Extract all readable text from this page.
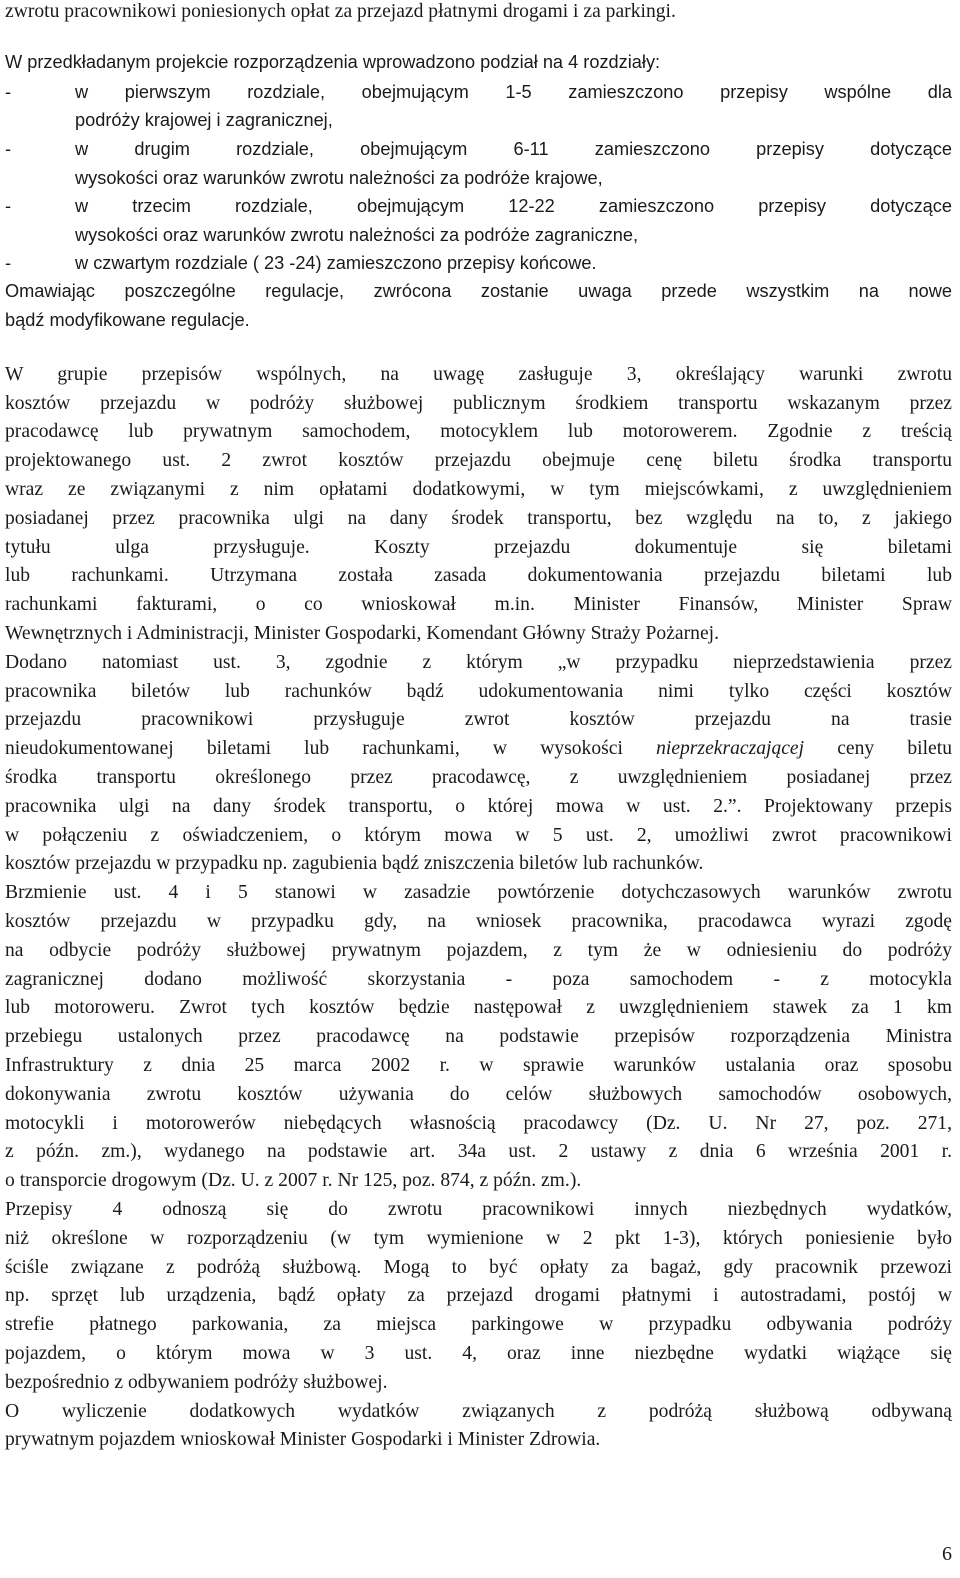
zwrotu pracownikowi poniesionych opłat za przejazd płatnymi drogami i za parkingi.
W przedkładanym projekcie rozporządzenia wprowadzono podział na 4 rozdziały:
-	w pierwszym rozdziale, obejmującym 1-5 zamieszczono przepisy wspólne dla
podróży krajowej i zagranicznej,
-	w drugim rozdziale, obejmującym 6-11 zamieszczono przepisy dotyczące
wysokości oraz warunków zwrotu należności za podróże krajowe,
-	w trzecim rozdziale, obejmującym 12-22 zamieszczono przepisy dotyczące
wysokości oraz warunków zwrotu należności za podróże zagraniczne,
-	w czwartym rozdziale ( 23 -24) zamieszczono przepisy końcowe.
Omawiając poszczególne regulacje, zwrócona zostanie uwaga przede wszystkim na nowe
bądź modyfikowane regulacje.
W grupie przepisów wspólnych, na uwagę zasługuje 3, określający warunki zwrotu
kosztów przejazdu w podróży służbowej publicznym środkiem transportu wskazanym przez
pracodawcę lub prywatnym samochodem, motocyklem lub motorowerem. Zgodnie z treścią
projektowanego ust. 2 zwrot kosztów przejazdu obejmuje cenę biletu środka transportu
wraz ze związanymi z nim opłatami dodatkowymi, w tym miejscówkami, z uwzględnieniem
posiadanej przez pracownika ulgi na dany środek transportu, bez względu na to, z jakiego
tytułu ulga przysługuje. Koszty przejazdu dokumentuje się biletami
lub rachunkami. Utrzymana została zasada dokumentowania przejazdu biletami lub
rachunkami fakturami, o co wnioskował m.in. Minister Finansów, Minister Spraw
Wewnętrznych i Administracji, Minister Gospodarki, Komendant Główny Straży Pożarnej.
Dodano natomiast ust. 3, zgodnie z którym „w przypadku nieprzedstawienia przez
pracownika biletów lub rachunków bądź udokumentowania nimi tylko części kosztów
przejazdu pracownikowi przysługuje zwrot kosztów przejazdu na trasie
nieudokumentowanej biletami lub rachunkami, w wysokości nieprzekraczającej ceny biletu
środka transportu określonego przez pracodawcę, z uwzględnieniem posiadanej przez
pracownika ulgi na dany środek transportu, o której mowa w ust. 2.”. Projektowany przepis
w połączeniu z oświadczeniem, o którym mowa w 5 ust. 2, umożliwi zwrot pracownikowi
kosztów przejazdu w przypadku np. zagubienia bądź zniszczenia biletów lub rachunków.
Brzmienie ust. 4 i 5 stanowi w zasadzie powtórzenie dotychczasowych warunków zwrotu
kosztów przejazdu w przypadku gdy, na wniosek pracownika, pracodawca wyrazi zgodę
na odbycie podróży służbowej prywatnym pojazdem, z tym że w odniesieniu do podróży
zagranicznej dodano możliwość skorzystania - poza samochodem - z motocykla
lub motoroweru. Zwrot tych kosztów będzie następował z uwzględnieniem stawek za 1 km
przebiegu ustalonych przez pracodawcę na podstawie przepisów rozporządzenia Ministra
Infrastruktury z dnia 25 marca 2002 r. w sprawie warunków ustalania oraz sposobu
dokonywania zwrotu kosztów używania do celów służbowych samochodów osobowych,
motocykli i motorowerów niebędących własnością pracodawcy (Dz. U. Nr 27, poz. 271,
z późn. zm.), wydanego na podstawie art. 34a ust. 2 ustawy z dnia 6 września 2001 r.
o transporcie drogowym (Dz. U. z 2007 r. Nr 125, poz. 874, z późn. zm.).
Przepisy 4 odnoszą się do zwrotu pracownikowi innych niezbędnych wydatków,
niż określone w rozporządzeniu (w tym wymienione w 2 pkt 1-3), których poniesienie było
ściśle związane z podróżą służbową. Mogą to być opłaty za bagaż, gdy pracownik przewozi
np. sprzęt lub urządzenia, bądź opłaty za przejazd drogami płatnymi i autostradami, postój w
strefie płatnego parkowania, za miejsca parkingowe w przypadku odbywania podróży
pojazdem, o którym mowa w 3 ust. 4, oraz inne niezbędne wydatki wiążące się
bezpośrednio z odbywaniem podróży służbowej.
O wyliczenie dodatkowych wydatków związanych z podróżą służbową odbywaną
prywatnym pojazdem wnioskował Minister Gospodarki i Minister Zdrowia.
6
